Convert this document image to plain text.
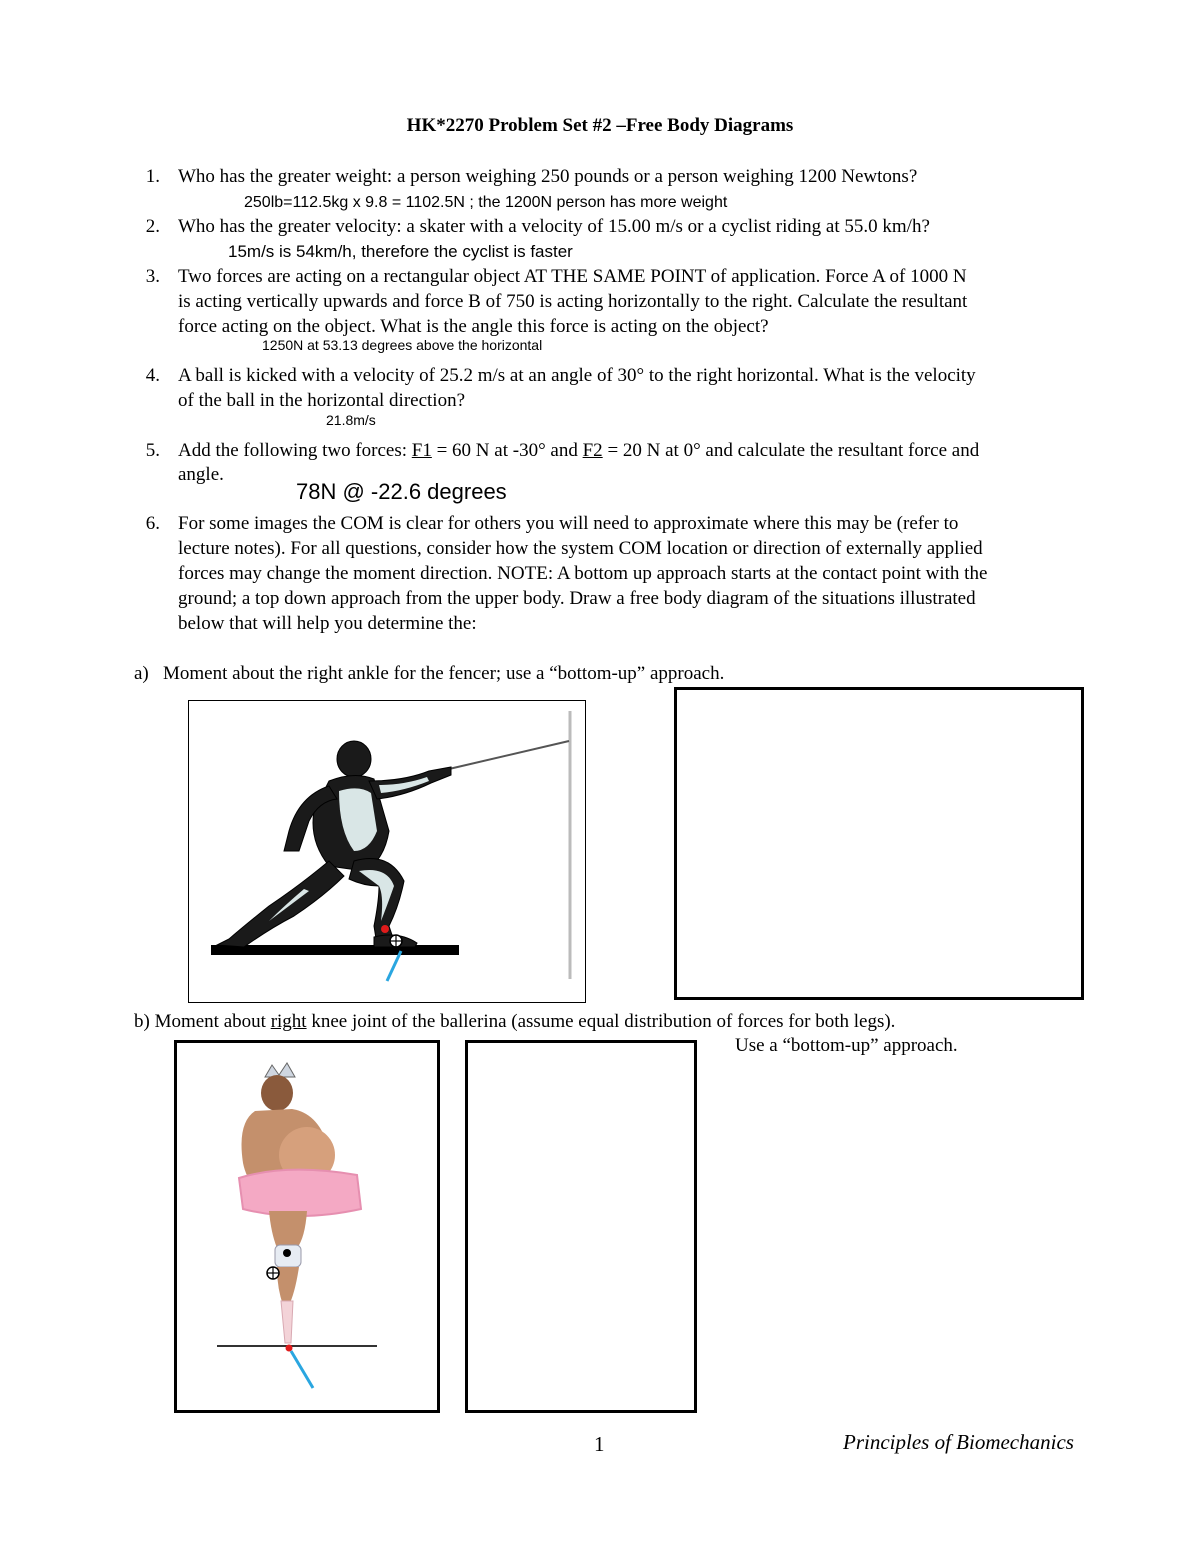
HK*2270 Problem Set #2 –Free Body Diagrams
1. Who has the greater weight: a person weighing 250 pounds or a person weighing 1200 Newtons?
250lb=112.5kg x 9.8 = 1102.5N ; the 1200N person has more weight
2. Who has the greater velocity: a skater with a velocity of 15.00 m/s or a cyclist riding at 55.0 km/h?
15m/s is 54km/h, therefore the cyclist is faster
3. Two forces are acting on a rectangular object AT THE SAME POINT of application. Force A of 1000 N
is acting vertically upwards and force B of 750 is acting horizontally to the right. Calculate the resultant
force acting on the object. What is the angle this force is acting on the object?
1250N at 53.13 degrees above the horizontal
4. A ball is kicked with a velocity of 25.2 m/s at an angle of 30° to the right horizontal. What is the velocity
of the ball in the horizontal direction?
21.8m/s
5. Add the following two forces: F1 = 60 N at -30° and F2 = 20 N at 0° and calculate the resultant force and
angle.
78N @ -22.6 degrees
6. For some images the COM is clear for others you will need to approximate where this may be (refer to
lecture notes). For all questions, consider how the system COM location or direction of externally applied
forces may change the moment direction. NOTE: A bottom up approach starts at the contact point with the
ground; a top down approach from the upper body. Draw a free body diagram of the situations illustrated
below that will help you determine the:
a)   Moment about the right ankle for the fencer; use a “bottom-up” approach.
b) Moment about right knee joint of the ballerina (assume equal distribution of forces for both legs).
Use a “bottom-up” approach.
1	Principles of Biomechanics
